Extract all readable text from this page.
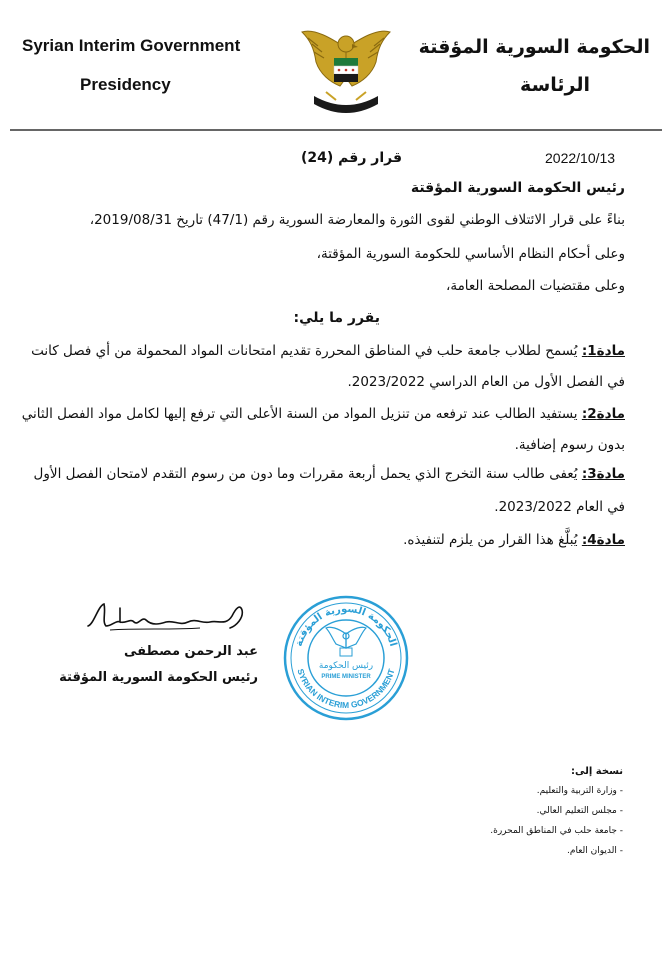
Syrian Interim Government
Presidency
الحكومة السورية المؤقتة
الرئاسة
2022/10/13
قرار رقم (24)
رئيس الحكومة السورية المؤقتة
بناءً على قرار الائتلاف الوطني لقوى الثورة والمعارضة السورية رقم (47/1) تاريخ 2019/08/31،
وعلى أحكام النظام الأساسي للحكومة السورية المؤقتة،
وعلى مقتضيات المصلحة العامة،
يقرر ما يلي:
مادة1: يُسمح لطلاب جامعة حلب في المناطق المحررة تقديم امتحانات المواد المحمولة من أي فصل كانت
في الفصل الأول من العام الدراسي 2023/2022.
مادة2: يستفيد الطالب عند ترفعه من تنزيل المواد من السنة الأعلى التي ترفع إليها لكامل مواد الفصل الثاني
بدون رسوم إضافية.
مادة3: يُعفى طالب سنة التخرج الذي يحمل أربعة مقررات وما دون من رسوم التقدم لامتحان الفصل الأول
في العام 2023/2022.
مادة4: يُبلَّغ هذا القرار من يلزم لتنفيذه.
SYRIAN INTERIM GOVERNMENT
الحكومة السورية المؤقتة
رئيس الحكومة
PRIME MINISTER
عبد الرحمن مصطفى
رئيس الحكومة السورية المؤقتة
نسخة إلى:
- وزارة التربية والتعليم.
- مجلس التعليم العالي.
- جامعة حلب في المناطق المحررة.
- الديوان العام.
